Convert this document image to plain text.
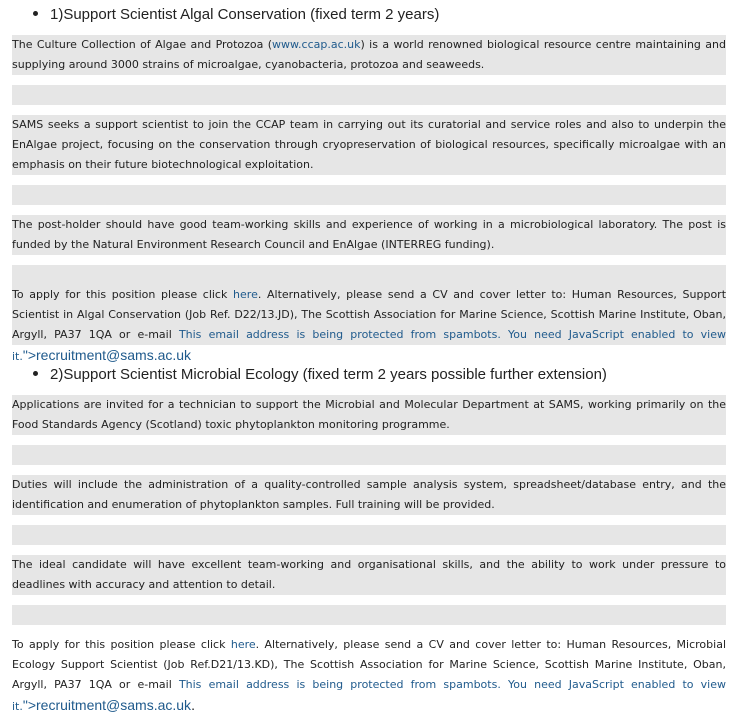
1)Support Scientist Algal Conservation (fixed term 2 years)
The Culture Collection of Algae and Protozoa (www.ccap.ac.uk) is a world renowned biological resource centre maintaining and supplying around 3000 strains of microalgae, cyanobacteria, protozoa and seaweeds.
SAMS seeks a support scientist to join the CCAP team in carrying out its curatorial and service roles and also to underpin the EnAlgae project, focusing on the conservation through cryopreservation of biological resources, specifically microalgae with an emphasis on their future biotechnological exploitation.
The post-holder should have good team-working skills and experience of working in a microbiological laboratory. The post is funded by the Natural Environment Research Council and EnAlgae (INTERREG funding).
To apply for this position please click here. Alternatively, please send a CV and cover letter to: Human Resources, Support Scientist in Algal Conservation (Job Ref. D22/13.JD), The Scottish Association for Marine Science, Scottish Marine Institute, Oban, Argyll, PA37 1QA or e-mail This email address is being protected from spambots. You need JavaScript enabled to view it.">recruitment@sams.ac.uk
2)Support Scientist Microbial Ecology (fixed term 2 years possible further extension)
Applications are invited for a technician to support the Microbial and Molecular Department at SAMS, working primarily on the Food Standards Agency (Scotland) toxic phytoplankton monitoring programme.
Duties will include the administration of a quality-controlled sample analysis system, spreadsheet/database entry, and the identification and enumeration of phytoplankton samples. Full training will be provided.
The ideal candidate will have excellent team-working and organisational skills, and the ability to work under pressure to deadlines with accuracy and attention to detail.
To apply for this position please click here. Alternatively, please send a CV and cover letter to: Human Resources, Microbial Ecology Support Scientist (Job Ref.D21/13.KD), The Scottish Association for Marine Science, Scottish Marine Institute, Oban, Argyll, PA37 1QA or e-mail This email address is being protected from spambots. You need JavaScript enabled to view it.">recruitment@sams.ac.uk.
